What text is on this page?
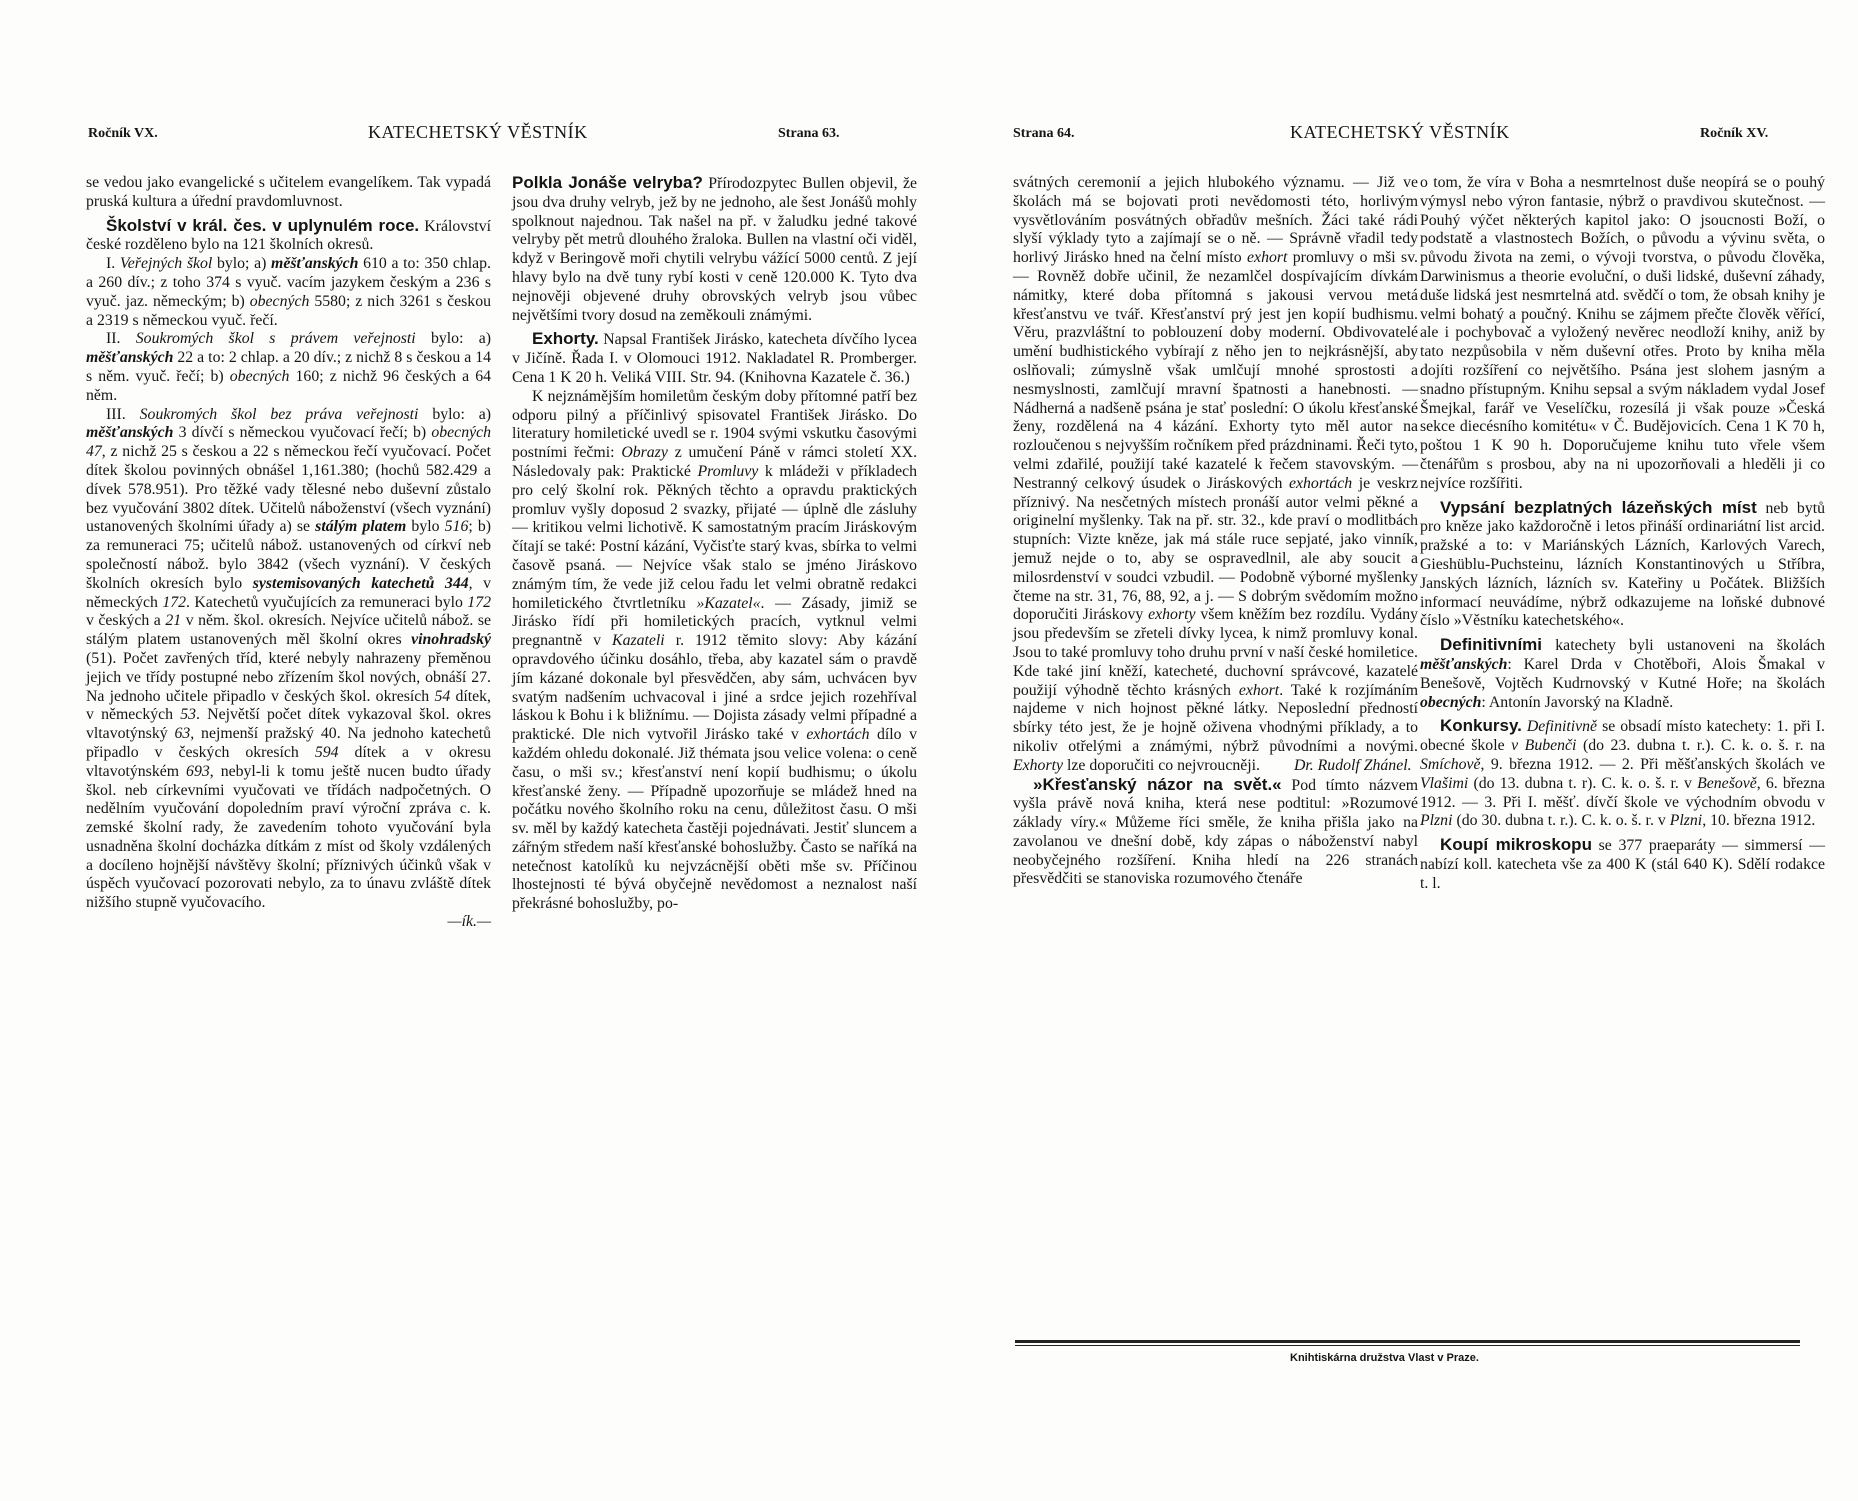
Ročník VX.	KATECHETSKÝ VĚSTNÍK	Strana 63.	Strana 64.	KATECHETSKÝ VĚSTNÍK	Ročník XV.

se vedou jako evangelické s učitelem evangelíkem. Tak vypadá pruská kultura a úřední pravdomluvnost.

Školství v král. čes. v uplynulém roce. Království české rozděleno bylo na 121 školních okresů.

I. Veřejných škol bylo; a) měšťanských 610 a to: 350 chlap. a 260 dív.; z toho 374 s vyuč. vacím jazykem českým a 236 s vyuč. jaz. německým; b) obecných 5580; z nich 3261 s českou a 2319 s německou vyuč. řečí.

II. Soukromých škol s právem veřejnosti bylo: a) měšťanských 22 a to: 2 chlap. a 20 dív.; z nichž 8 s českou a 14 s něm. vyuč. řečí; b) obecných 160; z nichž 96 českých a 64 něm.

III. Soukromých škol bez práva veřejnosti bylo: a) měšťanských 3 dívčí s německou vyučovací řečí; b) obecných 47, z nichž 25 s českou a 22 s německou řečí vyučovací. Počet dítek školou povinných obnášel 1,161.380; (hochů 582.429 a dívek 578.951). Pro těžké vady tělesné nebo duševní zůstalo bez vyučování 3802 dítek. Učitelů náboženství (všech vyznání) ustanovených školními úřady a) se stálým platem bylo 516; b) za remuneraci 75; učitelů nábož. ustanovených od církví neb společností nábož. bylo 3842 (všech vyznání). V českých školních okresích bylo systemisovaných katechetů 344, v německých 172. Katechetů vyučujících za remuneraci bylo 172 v českých a 21 v něm. škol. okresích. Nejvíce učitelů nábož. se stálým platem ustanovených měl školní okres vinohradský (51). Počet zavřených tříd, které nebyly nahrazeny přeměnou jejich ve třídy postupné nebo zřízením škol nových, obnáší 27. Na jednoho učitele připadlo v českých škol. okresích 54 dítek, v německých 53. Největší počet dítek vykazoval škol. okres vltavotýnský 63, nejmenší pražský 40. Na jednoho katechetů připadlo v českých okresích 594 dítek a v okresu vltavotýnském 693, nebyl-li k tomu ještě nucen budto úřady škol. neb církevními vyučovati ve třídách nadpočetných. O nedělním vyučování dopoledním praví výroční zpráva c. k. zemské školní rady, že zavedením tohoto vyučování byla usnadněna školní docházka dítkám z míst od školy vzdálených a docíleno hojnější návštěvy školní; příznivých účinků však v úspěch vyučovací pozorovati nebylo, za to únavu zvláště dítek nižšího stupně vyučovacího.

—ík.—

Polkla Jonáše velryba? Přírodozpytec Bullen objevil, že jsou dva druhy velryb, jež by ne jednoho, ale šest Jonášů mohly spolknout najednou. Tak našel na př. v žaludku jedné takové velryby pět metrů dlouhého žraloka. Bullen na vlastní oči viděl, když v Beringově moři chytili velrybu vážící 5000 centů. Z její hlavy bylo na dvě tuny rybí kosti v ceně 120.000 K. Tyto dva nejnověji objevené druhy obrovských velryb jsou vůbec největšími tvory dosud na zeměkouli známými.

Exhorty. Napsal František Jirásko, katecheta dívčího lycea v Jičíně. Řada I. v Olomouci 1912. Nakladatel R. Promberger. Cena 1 K 20 h. Veliká VIII. Str. 94. (Knihovna Kazatele č. 36.)

K nejznámějším homiletům českým doby přítomné patří bez odporu pilný a příčinlivý spisovatel František Jirásko. Do literatury homiletické uvedl se r. 1904 svými vskutku časovými postními řečmi: Obrazy z umučení Páně v rámci století XX. Následovaly pak: Praktické Promluvy k mládeži v příkladech pro celý školní rok. Pěkných těchto a opravdu praktických promluv vyšly doposud 2 svazky, přijaté — úplně dle zásluhy — kritikou velmi lichotivě. K samostatným pracím Jiráskovým čítají se také: Postní kázání, Vyčisťte starý kvas, sbírka to velmi časově psaná. — Nejvíce však stalo se jméno Jiráskovo známým tím, že vede již celou řadu let velmi obratně redakci homiletického čtvrtletníku »Kazatel«. — Zásady, jimiž se Jirásko řídí při homiletických pracích, vytknul velmi pregnantně v Kazateli r. 1912 těmito slovy: Aby kázání opravdového účinku dosáhlo, třeba, aby kazatel sám o pravdě jím kázané dokonale byl přesvědčen, aby sám, uchvácen byv svatým nadšením uchvacoval i jiné a srdce jejich rozehříval láskou k Bohu i k bližnímu. — Dojista zásady velmi případné a praktické. Dle nich vytvořil Jirásko také v exhortách dílo v každém ohledu dokonalé. Již thémata jsou velice volena: o ceně času, o mši sv.; křesťanství není kopií budhismu; o úkolu křesťanské ženy. — Případně upozorňuje se mládež hned na počátku nového školního roku na cenu, důležitost času. O mši sv. měl by každý katecheta častěji pojednávati. Jestiť sluncem a zářným středem naší křesťanské bohoslužby. Často se naříká na netečnost katolíků ku nejvzácnější oběti mše sv. Příčinou lhostejnosti té bývá obyčejně nevědomost a neznalost naší překrásné bohoslužby, po-

svátných ceremonií a jejich hlubokého významu. — Již ve školách má se bojovati proti nevědomosti této, horlivým vysvětlováním posvátných obřadův mešních. Žáci také rádi slyší výklady tyto a zajímají se o ně. — Správně vřadil tedy horlivý Jirásko hned na čelní místo exhort promluvy o mši sv. — Rovněž dobře učinil, že nezamlčel dospívajícím dívkám námitky, které doba přítomná s jakousi vervou metá křesťanstvu ve tvář. Křesťanství prý jest jen kopií budhismu. Věru, prazvláštní to poblouzení doby moderní. Obdivovatelé umění budhistického vybírají z něho jen to nejkrásnější, aby oslňovali; zúmyslně však umlčují mnohé sprostosti a nesmyslnosti, zamlčují mravní špatnosti a hanebnosti. — Nádherná a nadšeně psána je stať poslední: O úkolu křesťanské ženy, rozdělená na 4 kázání. Exhorty tyto měl autor na rozloučenou s nejvyšším ročníkem před prázdninami. Řeči tyto, velmi zdařilé, použijí také kazatelé k řečem stavovským. — Nestranný celkový úsudek o Jiráskových exhortách je veskrz příznivý. Na nesčetných místech pronáší autor velmi pěkné a originelní myšlenky. Tak na př. str. 32., kde praví o modlitbách stupních: Vizte kněze, jak má stále ruce sepjaté, jako vinník, jemuž nejde o to, aby se ospravedlnil, ale aby soucit a milosrdenství v soudci vzbudil. — Podobně výborné myšlenky čteme na str. 31, 76, 88, 92, a j. — S dobrým svědomím možno doporučiti Jiráskovy exhorty všem kněžím bez rozdílu. Vydány jsou především se zřeteli dívky lycea, k nimž promluvy konal. Jsou to také promluvy toho druhu první v naší české homiletice. Kde také jiní kněží, katecheté, duchovní správcové, kazatelé použijí výhodně těchto krásných exhort. Také k rozjímáním najdeme v nich hojnost pěkné látky. Neposlední předností sbírky této jest, že je hojně oživena vhodnými příklady, a to nikoliv otřelými a známými, nýbrž původními a novými. Exhorty lze doporučiti co nejvroucněji. Dr. Rudolf Zhánel.

»Křesťanský názor na svět.« Pod tímto názvem vyšla právě nová kniha, která nese podtitul: »Rozumové základy víry.« Můžeme říci směle, že kniha přišla jako na zavolanou ve dnešní době, kdy zápas o náboženství nabyl neobyčejného rozšíření. Kniha hledí na 226 stranách přesvědčiti se stanoviska rozumového čtenáře

o tom, že víra v Boha a nesmrtelnost duše neopírá se o pouhý výmysl nebo výron fantasie, nýbrž o pravdivou skutečnost. — Pouhý výčet některých kapitol jako: O jsoucnosti Boží, o podstatě a vlastnostech Božích, o původu a vývinu světa, o původu života na zemi, o vývoji tvorstva, o původu člověka, Darwinismus a theorie evoluční, o duši lidské, duševní záhady, duše lidská jest nesmrtelná atd. svědčí o tom, že obsah knihy je velmi bohatý a poučný. Knihu se zájmem přečte člověk věřící, ale i pochybovač a vyložený nevěrec neodloží knihy, aniž by tato nezpůsobila v něm duševní otřes. Proto by kniha měla dojíti rozšíření co největšího. Psána jest slohem jasným a snadno přístupným. Knihu sepsal a svým nákladem vydal Josef Šmejkal, farář ve Veselíčku, rozesílá ji však pouze »Česká sekce diecésního komitétu« v Č. Budějovicích. Cena 1 K 70 h, poštou 1 K 90 h. Doporučujeme knihu tuto vřele všem čtenářům s prosbou, aby na ni upozorňovali a hleděli ji co nejvíce rozšířiti.

Vypsání bezplatných lázeňských míst neb bytů pro kněze jako každoročně i letos přináší ordinariátní list arcid. pražské a to: v Mariánských Lázních, Karlových Varech, Gieshüblu-Puchsteinu, lázních Konstantinových u Stříbra, Janských lázních, lázních sv. Kateřiny u Počátek. Bližších informací neuvádíme, nýbrž odkazujeme na loňské dubnové číslo »Věstníku katechetského«.

Definitivními katechety byli ustanoveni na školách měšťanských: Karel Drda v Chotěboři, Alois Šmakal v Benešově, Vojtěch Kudrnovský v Kutné Hoře; na školách obecných: Antonín Javorský na Kladně.

Konkursy. Definitivně se obsadí místo katechety: 1. při I. obecné škole v Bubenči (do 23. dubna t. r.). C. k. o. š. r. na Smíchově, 9. března 1912. — 2. Při měšťanských školách ve Vlašimi (do 13. dubna t. r). C. k. o. š. r. v Benešově, 6. března 1912. — 3. Při I. měšť. dívčí škole ve východním obvodu v Plzni (do 30. dubna t. r.). C. k. o. š. r. v Plzni, 10. března 1912.

Koupí mikroskopu se 377 praeparáty — simmersí — nabízí koll. katecheta vše za 400 K (stál 640 K). Sdělí rodakce t. l.

Knihtiskárna družstva Vlast v Praze.
